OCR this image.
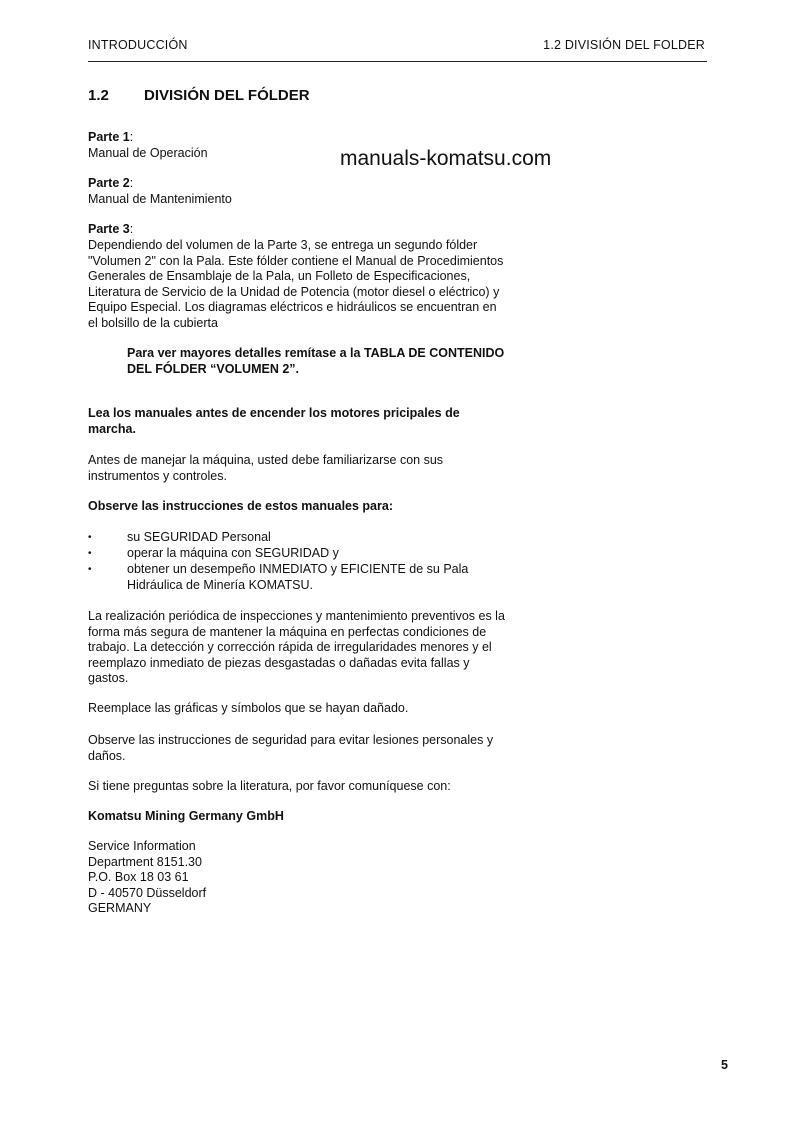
INTRODUCCIÓN	1.2 DIVISIÓN DEL FOLDER
1.2 DIVISIÓN DEL FÓLDER
manuals-komatsu.com
Parte 1:
Manual de Operación
Parte 2:
Manual de Mantenimiento
Parte 3:
Dependiendo del volumen de la Parte 3, se entrega un segundo fólder
"Volumen 2" con la Pala. Este fólder contiene el Manual de Procedimientos
Generales de Ensamblaje de la Pala, un Folleto de Especificaciones,
Literatura de Servicio de la Unidad de Potencia (motor diesel o eléctrico) y
Equipo Especial. Los diagramas eléctricos e hidráulicos se encuentran en
el bolsillo de la cubierta
Para ver mayores detalles remítase a la TABLA DE CONTENIDO
DEL FÓLDER “VOLUMEN 2”.
Lea los manuales antes de encender los motores pricipales de
marcha.
Antes de manejar la máquina, usted debe familiarizarse con sus
instrumentos y controles.
Observe las instrucciones de estos manuales para:
•	su SEGURIDAD Personal
•	operar la máquina con SEGURIDAD y
•	obtener un desempeño INMEDIATO y EFICIENTE de su Pala
Hidráulica de Minería KOMATSU.
La realización periódica de inspecciones y mantenimiento preventivos es la
forma más segura de mantener la máquina en perfectas condiciones de
trabajo. La detección y corrección rápida de irregularidades menores y el
reemplazo inmediato de piezas desgastadas o dañadas evita fallas y
gastos.
Reemplace las gráficas y símbolos que se hayan dañado.
Observe las instrucciones de seguridad para evitar lesiones personales y
daños.
Si tiene preguntas sobre la literatura, por favor comuníquese con:
Komatsu Mining Germany GmbH
Service Information
Department 8151.30
P.O. Box 18 03 61
D - 40570 Düsseldorf
GERMANY
5
